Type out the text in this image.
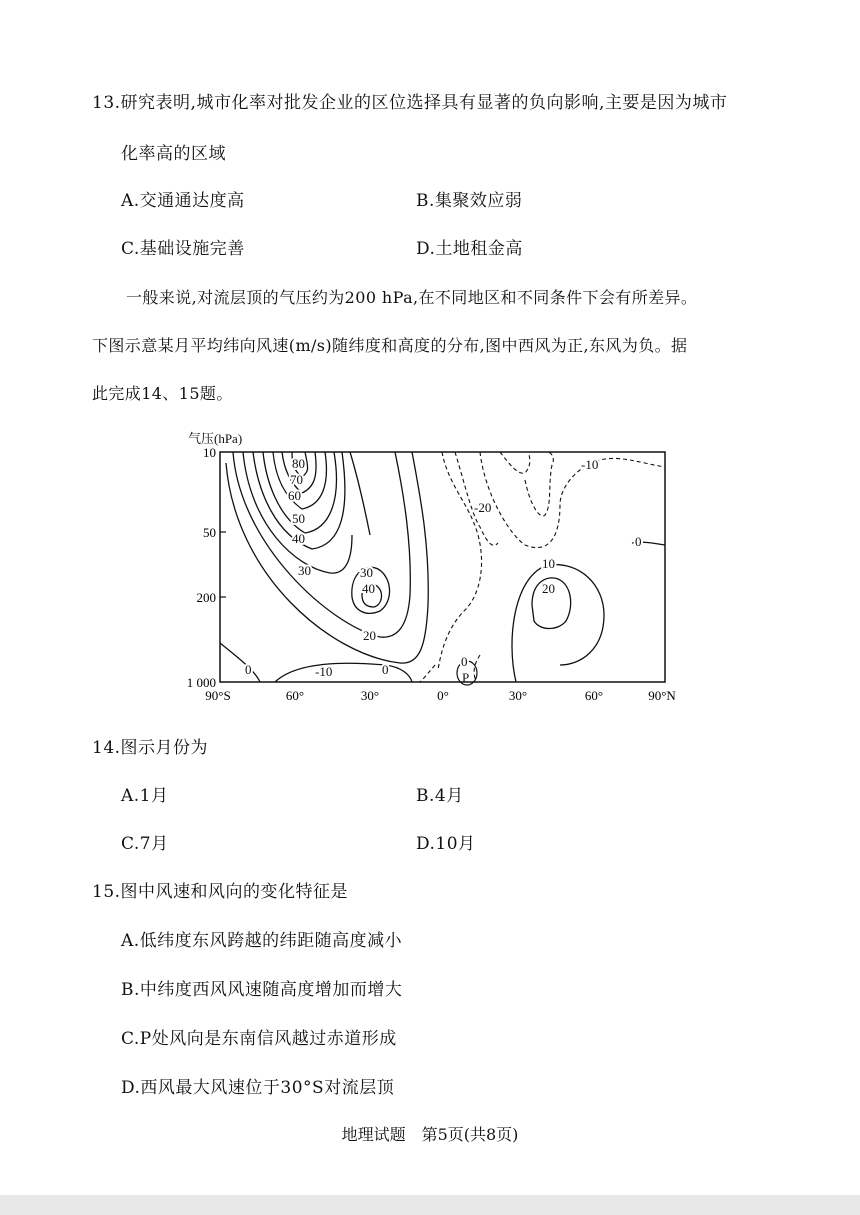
13.研究表明,城市化率对批发企业的区位选择具有显著的负向影响,主要是因为城市
化率高的区域
A.交通通达度高	B.集聚效应弱
C.基础设施完善	D.土地租金高
一般来说,对流层顶的气压约为200 hPa,在不同地区和不同条件下会有所差异。
下图示意某月平均纬向风速(m/s)随纬度和高度的分布,图中西风为正,东风为负。据
此完成14、15题。
气压(hPa)
10
50
200
1 000
90°S	60°	30°	0°	30°	60°	90°N
80
70
60
50
40
30	30
40
20
0	-10	0
0
P
10
20
0
-10
-20
14.图示月份为
A.1月	B.4月
C.7月	D.10月
15.图中风速和风向的变化特征是
A.低纬度东风跨越的纬距随高度减小
B.中纬度西风风速随高度增加而增大
C.P处风向是东南信风越过赤道形成
D.西风最大风速位于30°S对流层顶
地理试题　第5页(共8页)
